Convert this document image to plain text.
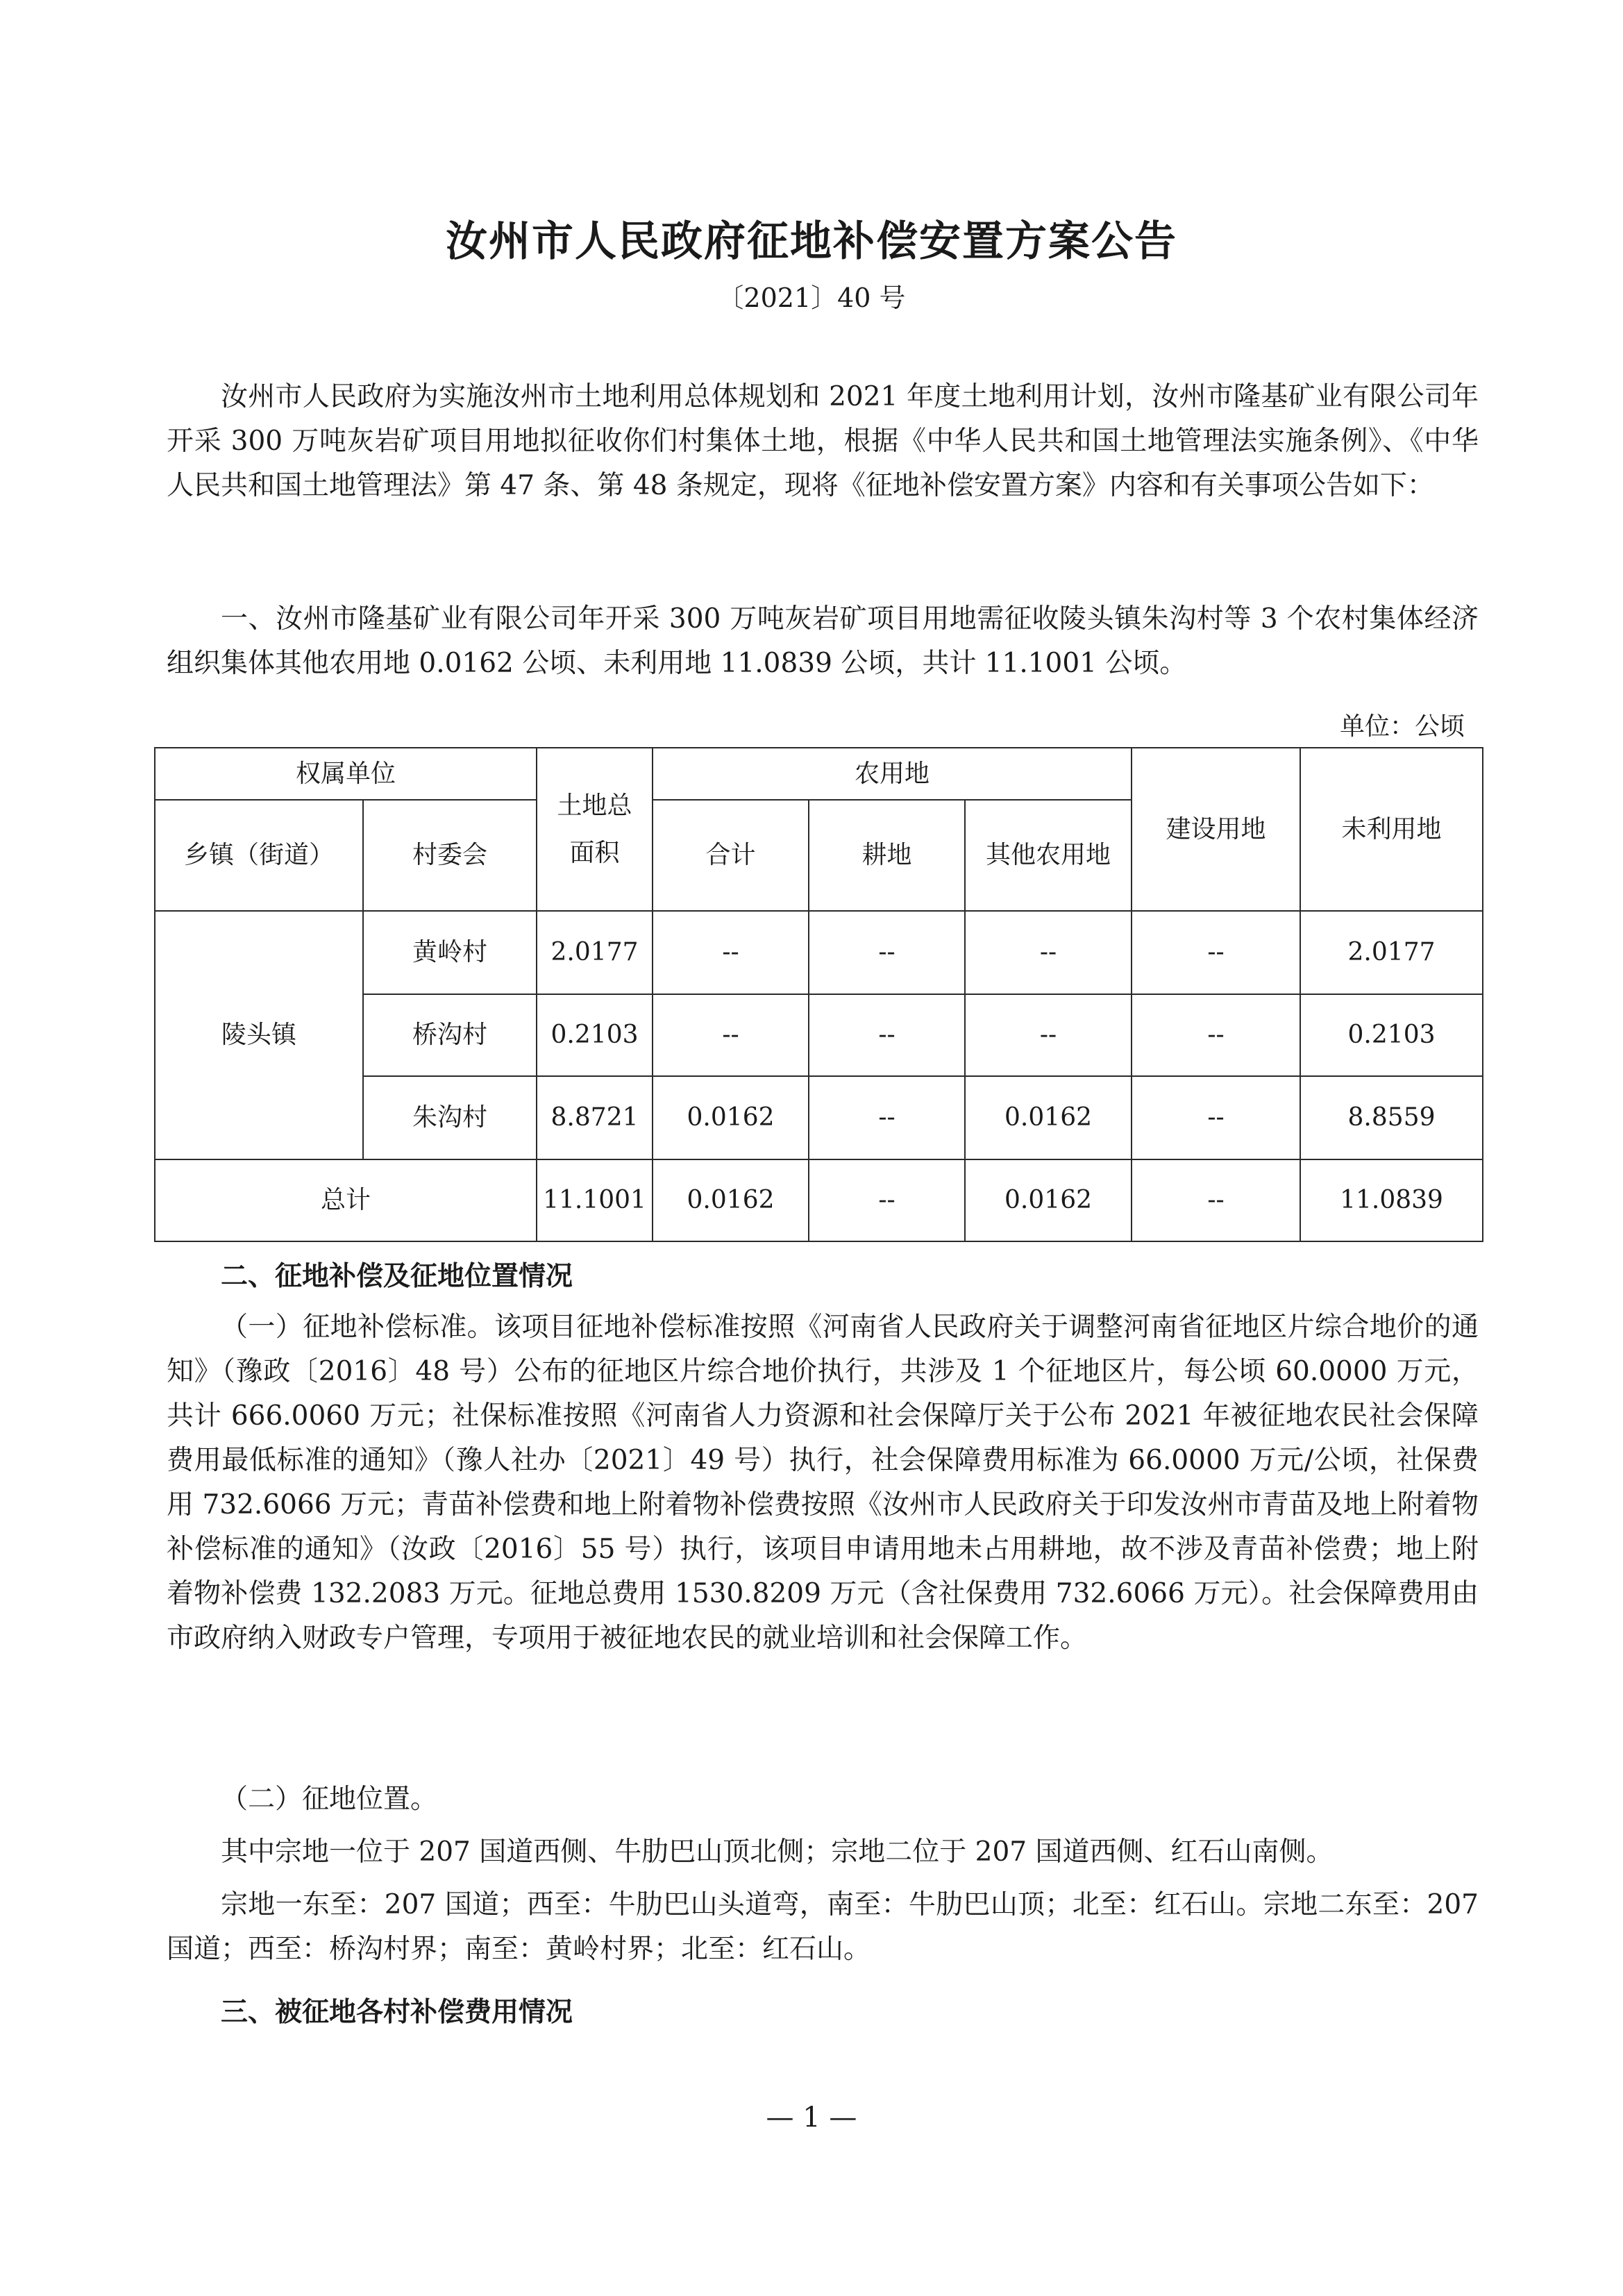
汝州市人民政府征地补偿安置方案公告
〔2021〕40 号

汝州市人民政府为实施汝州市土地利用总体规划和 2021 年度土地利用计划，汝州市隆基矿业有限公司年开采 300 万吨灰岩矿项目用地拟征收你们村集体土地，根据《中华人民共和国土地管理法实施条例》、《中华人民共和国土地管理法》第 47 条、第 48 条规定，现将《征地补偿安置方案》内容和有关事项公告如下：

一、汝州市隆基矿业有限公司年开采 300 万吨灰岩矿项目用地需征收陵头镇朱沟村等 3 个农村集体经济组织集体其他农用地 0.0162 公顷、未利用地 11.0839 公顷，共计 11.1001 公顷。

单位：公顷
权属单位		土地总面积	农用地			建设用地	未利用地
乡镇（街道）	村委会		合计	耕地	其他农用地		
陵头镇	黄岭村	2.0177	--	--	--	--	2.0177
	桥沟村	0.2103	--	--	--	--	0.2103
	朱沟村	8.8721	0.0162	--	0.0162	--	8.8559
总计		11.1001	0.0162	--	0.0162	--	11.0839

二、征地补偿及征地位置情况

（一）征地补偿标准。该项目征地补偿标准按照《河南省人民政府关于调整河南省征地区片综合地价的通知》（豫政〔2016〕48 号）公布的征地区片综合地价执行，共涉及 1 个征地区片，每公顷 60.0000 万元，共计 666.0060 万元；社保标准按照《河南省人力资源和社会保障厅关于公布 2021 年被征地农民社会保障费用最低标准的通知》（豫人社办〔2021〕49 号）执行，社会保障费用标准为 66.0000 万元/公顷，社保费用 732.6066 万元；青苗补偿费和地上附着物补偿费按照《汝州市人民政府关于印发汝州市青苗及地上附着物补偿标准的通知》（汝政〔2016〕55 号）执行，该项目申请用地未占用耕地，故不涉及青苗补偿费；地上附着物补偿费 132.2083 万元。征地总费用 1530.8209 万元（含社保费用 732.6066 万元）。社会保障费用由市政府纳入财政专户管理，专项用于被征地农民的就业培训和社会保障工作。

（二）征地位置。

其中宗地一位于 207 国道西侧、牛肋巴山顶北侧；宗地二位于 207 国道西侧、红石山南侧。

宗地一东至：207 国道；西至：牛肋巴山头道弯，南至：牛肋巴山顶；北至：红石山。宗地二东至：207 国道；西至：桥沟村界；南至：黄岭村界；北至：红石山。

三、被征地各村补偿费用情况

— 1 —
